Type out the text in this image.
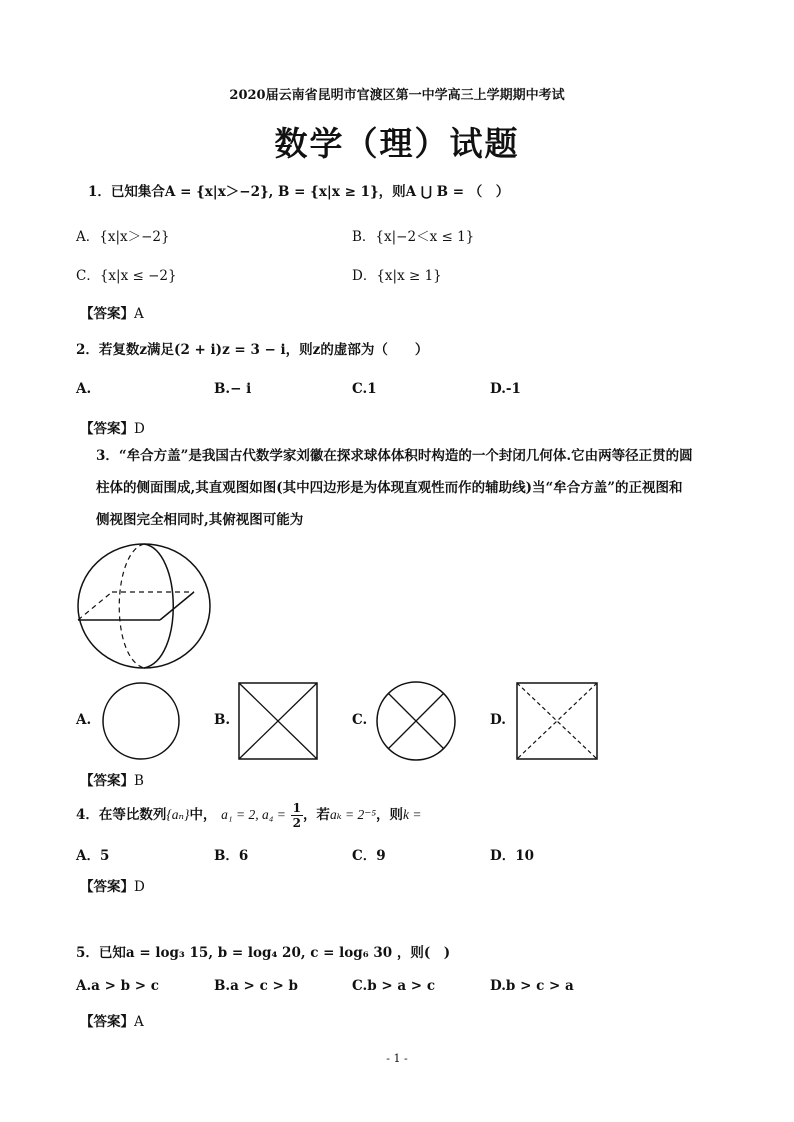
2020届云南省昆明市官渡区第一中学高三上学期期中考试
数学（理）试题
1．已知集合A = {x|x＞−2}, B = {x|x ≥ 1}，则A ⋃ B = （　）
A．{x|x＞−2}	B．{x|−2＜x ≤ 1}
C．{x|x ≤ −2}	D．{x|x ≥ 1}
【答案】A
2．若复数z满足(2 + i)z = 3 − i，则z的虚部为（　　）
A.	B.− i	C.1	D.-1
【答案】D
3．“牟合方盖”是我国古代数学家刘徽在探求球体体积时构造的一个封闭几何体.它由两等径正贯的圆
柱体的侧面围成,其直观图如图(其中四边形是为体现直观性而作的辅助线)当“牟合方盖”的正视图和
侧视图完全相同时,其俯视图可能为
A.	B.	C.	D.
【答案】B
4．在等比数列{aₙ}中， a₁ = 2, $a_4 = \frac{1}{2}$ ，若aₖ = 2⁻⁵，则k =
A．5	B．6	C．9	D．10
【答案】D
5．已知a = log₃ 15, b = log₄ 20, c = log₆ 30 ，则(　)
A.a > b > c	B.a > c > b	C.b > a > c	D.b > c > a
【答案】A
- 1 -
